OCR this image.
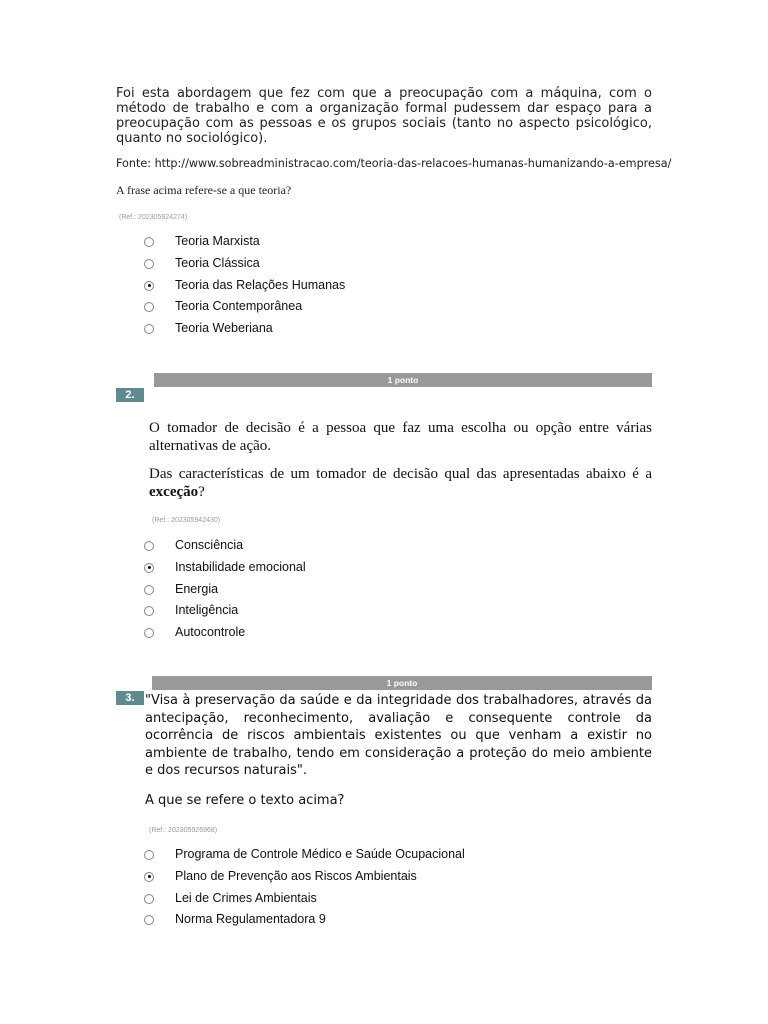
Foi esta abordagem que fez com que a preocupação com a máquina, com o método de trabalho e com a organização formal pudessem dar espaço para a preocupação com as pessoas e os grupos sociais (tanto no aspecto psicológico, quanto no sociológico).
Fonte: http://www.sobreadministracao.com/teoria-das-relacoes-humanas-humanizando-a-empresa/
A frase acima refere-se a que teoria?
(Ref.: 202305924274)
Teoria Marxista
Teoria Clássica
Teoria das Relações Humanas
Teoria Contemporânea
Teoria Weberiana
1 ponto
2.

O tomador de decisão é a pessoa que faz uma escolha ou opção entre várias alternativas de ação.

Das características de um tomador de decisão qual das apresentadas abaixo é a exceção?

(Ref.: 202305942430)
Consciência
Instabilidade emocional
Energia
Inteligência
Autocontrole
1 ponto
3. "Visa à preservação da saúde e da integridade dos trabalhadores, através da antecipação, reconhecimento, avaliação e consequente controle da ocorrência de riscos ambientais existentes ou que venham a existir no ambiente de trabalho, tendo em consideração a proteção do meio ambiente e dos recursos naturais".

A que se refere o texto acima?
(Ref.: 202305926968)
Programa de Controle Médico e Saúde Ocupacional
Plano de Prevenção aos Riscos Ambientais
Lei de Crimes Ambientais
Norma Regulamentadora 9
